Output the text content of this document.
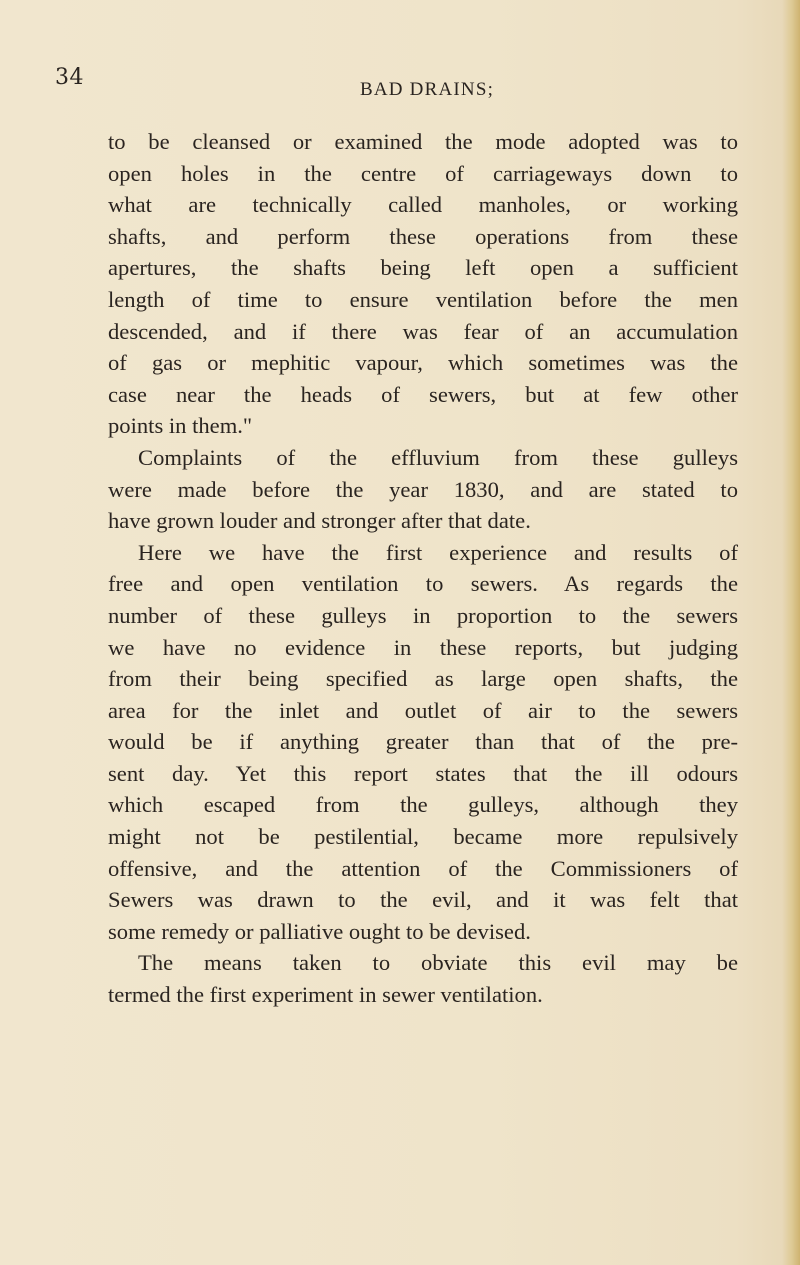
34	BAD DRAINS;
to be cleansed or examined the mode adopted was to
open holes in the centre of carriageways down to
what are technically called manholes, or working
shafts, and perform these operations from these
apertures, the shafts being left open a sufficient
length of time to ensure ventilation before the men
descended, and if there was fear of an accumulation
of gas or mephitic vapour, which sometimes was the
case near the heads of sewers, but at few other
points in them."
Complaints of the effluvium from these gulleys
were made before the year 1830, and are stated to
have grown louder and stronger after that date.
Here we have the first experience and results of
free and open ventilation to sewers. As regards the
number of these gulleys in proportion to the sewers
we have no evidence in these reports, but judging
from their being specified as large open shafts, the
area for the inlet and outlet of air to the sewers
would be if anything greater than that of the pre-
sent day. Yet this report states that the ill odours
which escaped from the gulleys, although they
might not be pestilential, became more repulsively
offensive, and the attention of the Commissioners of
Sewers was drawn to the evil, and it was felt that
some remedy or palliative ought to be devised.
The means taken to obviate this evil may be
termed the first experiment in sewer ventilation.
